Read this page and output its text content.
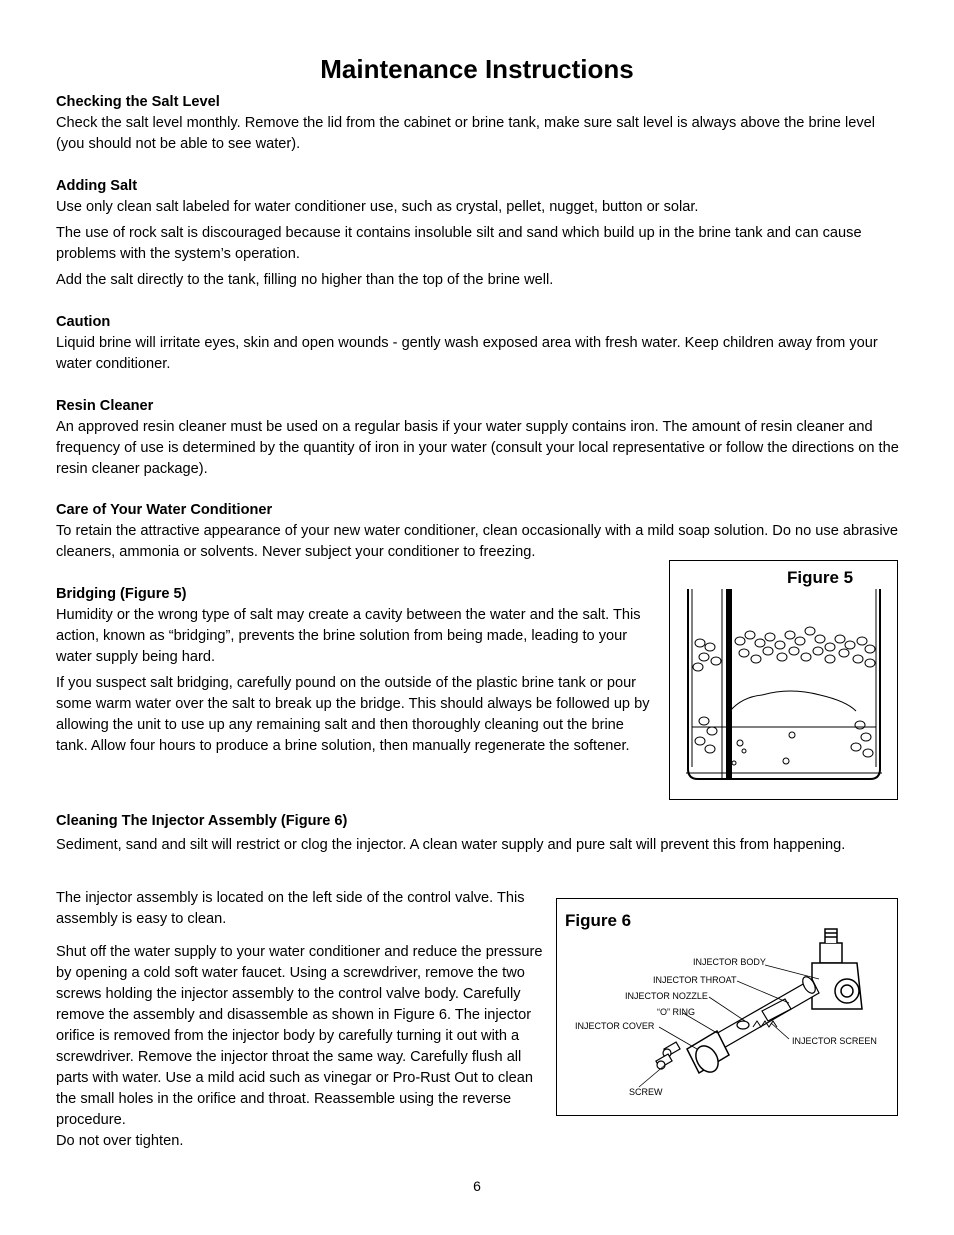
Maintenance Instructions
Checking the Salt Level

Check the salt level monthly. Remove the lid from the cabinet or brine tank, make sure salt level is always above the brine level (you should not be able to see water).

Adding Salt

Use only clean salt labeled for water conditioner use, such as crystal, pellet, nugget, button or solar.

The use of rock salt is discouraged because it contains insoluble silt and sand which build up in the brine tank and can cause problems with the system’s operation.

Add the salt directly to the tank, filling no higher than the top of the brine well.

Caution

Liquid brine will irritate eyes, skin and open wounds - gently wash exposed area with fresh water. Keep children away from your water conditioner.

Resin Cleaner

An approved resin cleaner must be used on a regular basis if your water supply contains iron. The amount of resin cleaner and frequency of use is determined by the quantity of iron in your water (consult your local representative or follow the directions on the resin cleaner package).

Care of Your Water Conditioner

To retain the attractive appearance of your new water conditioner, clean occasionally with a mild soap solution. Do no use abrasive cleaners, ammonia or solvents. Never subject your conditioner to freezing.

Bridging (Figure 5)

Humidity or the wrong type of salt may create a cavity between the water and the salt. This action, known as “bridging”, prevents the brine solution from being made, leading to your water supply being hard.

If you suspect salt bridging, carefully pound on the outside of the plastic brine tank or pour some warm water over the salt to break up the bridge. This should always be followed up by allowing the unit to use up any remaining salt and then thoroughly cleaning out the brine tank. Allow four hours to produce a brine solution, then manually regenerate the softener.

Cleaning The Injector Assembly (Figure 6)

Sediment, sand and silt will restrict or clog the injector. A clean water supply and pure salt will prevent this from happening.

The injector assembly is located on the left side of the control valve. This assembly is easy to clean.

Shut off the water supply to your water conditioner and reduce the pressure by opening a cold soft water faucet. Using a screwdriver, remove the two screws holding the injector assembly to the control valve body. Carefully remove the assembly and disassemble as shown in Figure 6. The injector orifice is removed from the injector body by carefully turning it out with a screwdriver. Remove the injector throat the same way. Carefully flush all parts with water. Use a mild acid such as vinegar or Pro-Rust Out to clean the small holes in the orifice and throat. Reassemble using the reverse procedure.

Do not over tighten.

Figure 5
Figure 6
INJECTOR BODY
INJECTOR THROAT
INJECTOR NOZZLE
“O” RING
INJECTOR COVER
INJECTOR SCREEN
SCREW
6
